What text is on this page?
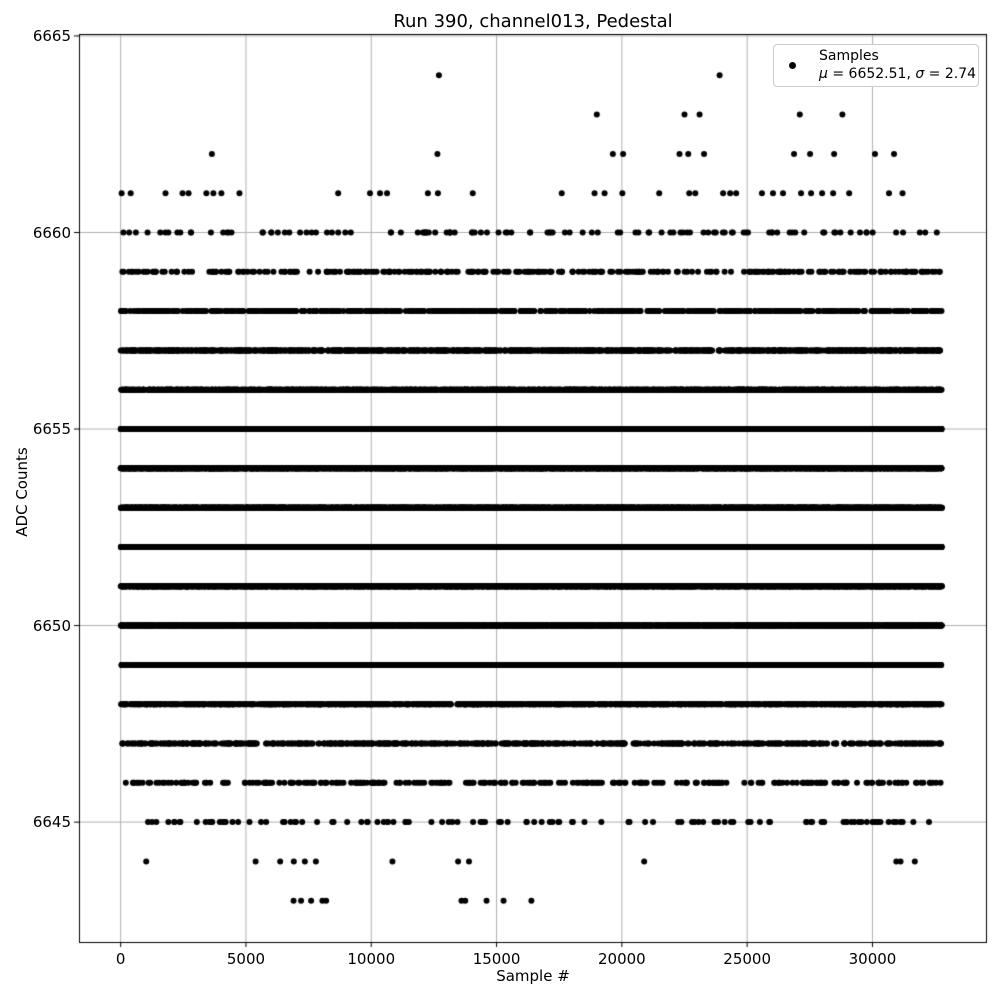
Run 390, channel013, Pedestal
Sample #
ADC Counts
6645
6650
6655
6660
6665
0	5000	10000	15000	20000	25000	30000
Samples
μ = 6652.51, σ = 2.74
